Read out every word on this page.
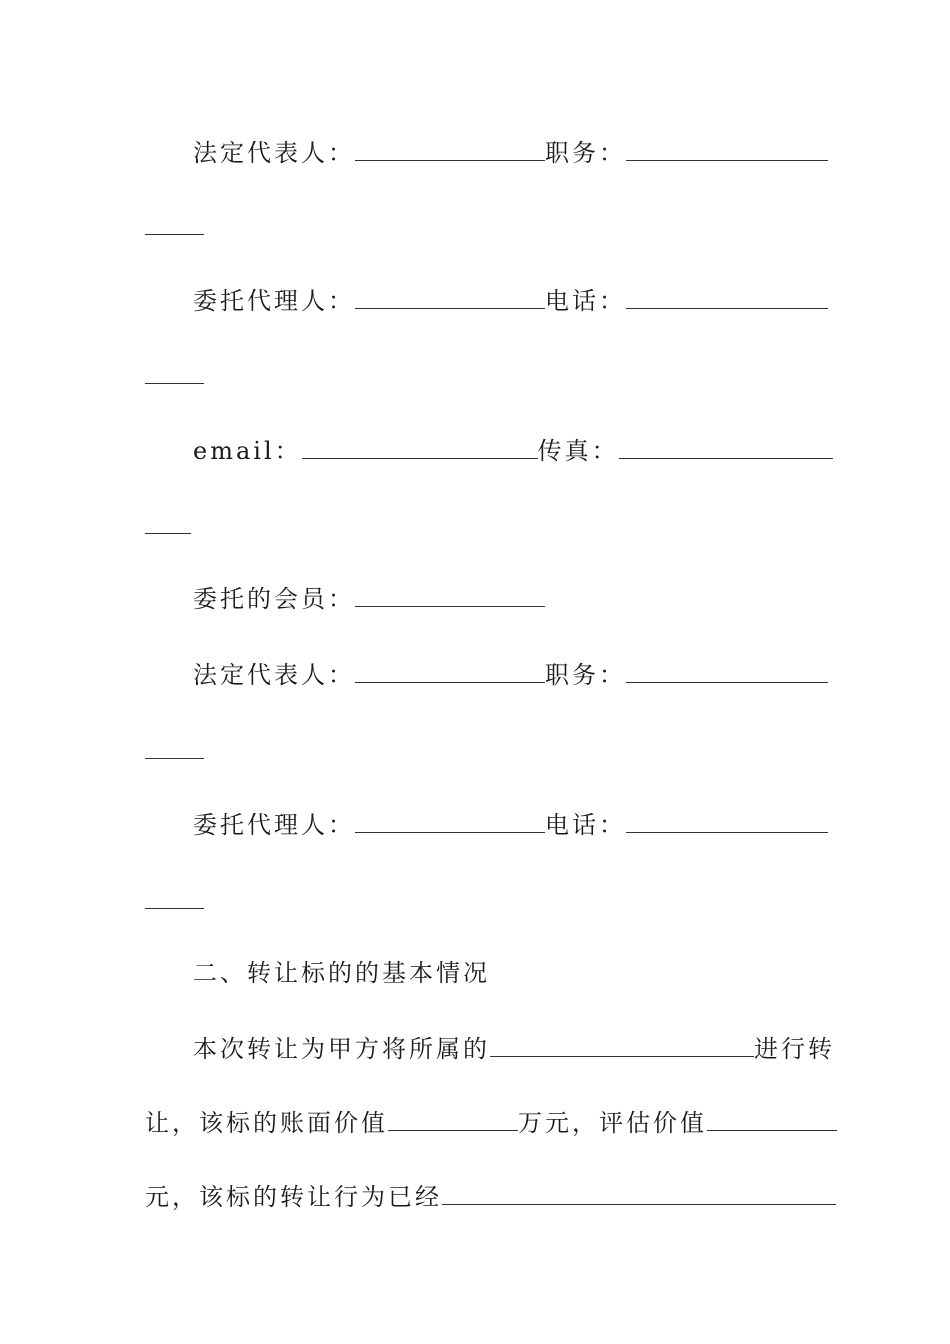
法定代表人：	职务：
委托代理人：	电话：
email：	传真：
委托的会员：
法定代表人：	职务：
委托代理人：	电话：
二、转让标的的基本情况
本次转让为甲方将所属的	进行转
让，该标的账面价值	万元，评估价值
元，该标的转让行为已经
